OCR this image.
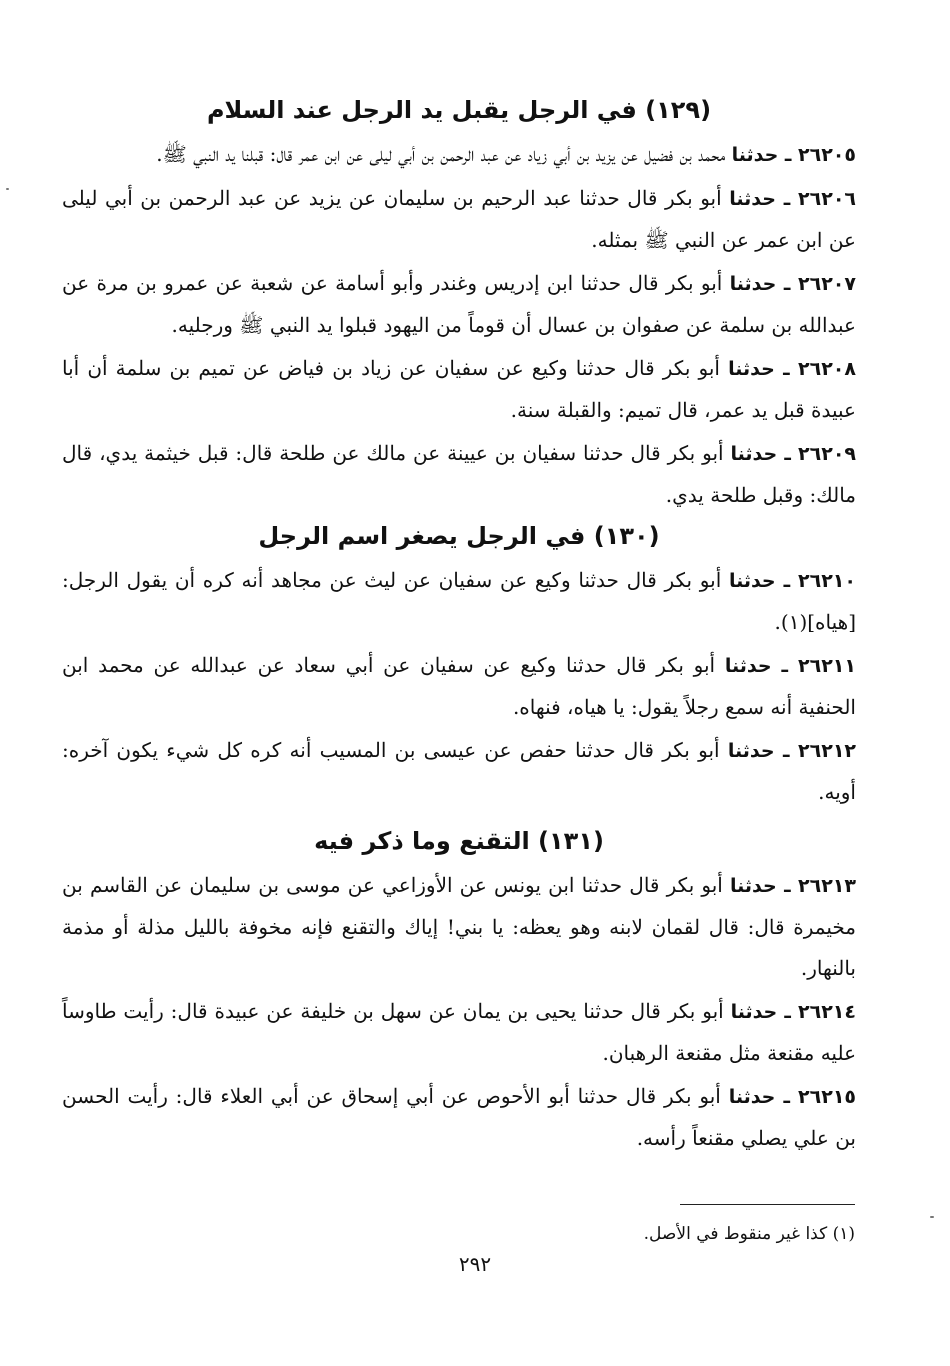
(١٢٩) في الرجل يقبل يد الرجل عند السلام

٢٦٢٠٥ ـ حدثنا محمد بن فضيل عن يزيد بن أبي زياد عن عبد الرحمن بن أبي ليلى عن ابن عمر قال: قبلنا يد النبي ﷺ.

٢٦٢٠٦ ـ حدثنا أبو بكر قال حدثنا عبد الرحيم بن سليمان عن يزيد عن عبد الرحمن بن أبي ليلى عن ابن عمر عن النبي ﷺ بمثله.

٢٦٢٠٧ ـ حدثنا أبو بكر قال حدثنا ابن إدريس وغندر وأبو أسامة عن شعبة عن عمرو بن مرة عن عبدالله بن سلمة عن صفوان بن عسال أن قوماً من اليهود قبلوا يد النبي ﷺ ورجليه.

٢٦٢٠٨ ـ حدثنا أبو بكر قال حدثنا وكيع عن سفيان عن زياد بن فياض عن تميم بن سلمة أن أبا عبيدة قبل يد عمر، قال تميم: والقبلة سنة.

٢٦٢٠٩ ـ حدثنا أبو بكر قال حدثنا سفيان بن عيينة عن مالك عن طلحة قال: قبل خيثمة يدي، قال مالك: وقبل طلحة يدي.

(١٣٠) في الرجل يصغر اسم الرجل

٢٦٢١٠ ـ حدثنا أبو بكر قال حدثنا وكيع عن سفيان عن ليث عن مجاهد أنه كره أن يقول الرجل: [هياه](١).

٢٦٢١١ ـ حدثنا أبو بكر قال حدثنا وكيع عن سفيان عن أبي سعاد عن عبدالله عن محمد ابن الحنفية أنه سمع رجلاً يقول: يا هياه، فنهاه.

٢٦٢١٢ ـ حدثنا أبو بكر قال حدثنا حفص عن عيسى بن المسيب أنه كره كل شيء يكون آخره: أويه.

(١٣١) التقنع وما ذكر فيه

٢٦٢١٣ ـ حدثنا أبو بكر قال حدثنا ابن يونس عن الأوزاعي عن موسى بن سليمان عن القاسم بن مخيمرة قال: قال لقمان لابنه وهو يعظه: يا بني! إياك والتقنع فإنه مخوفة بالليل مذلة أو مذمة بالنهار.

٢٦٢١٤ ـ حدثنا أبو بكر قال حدثنا يحيى بن يمان عن سهل بن خليفة عن عبيدة قال: رأيت طاوساً عليه مقنعة مثل مقنعة الرهبان.

٢٦٢١٥ ـ حدثنا أبو بكر قال حدثنا أبو الأحوص عن أبي إسحاق عن أبي العلاء قال: رأيت الحسن بن علي يصلي مقنعاً رأسه.

(١) كذا غير منقوط في الأصل.
٢٩٢
